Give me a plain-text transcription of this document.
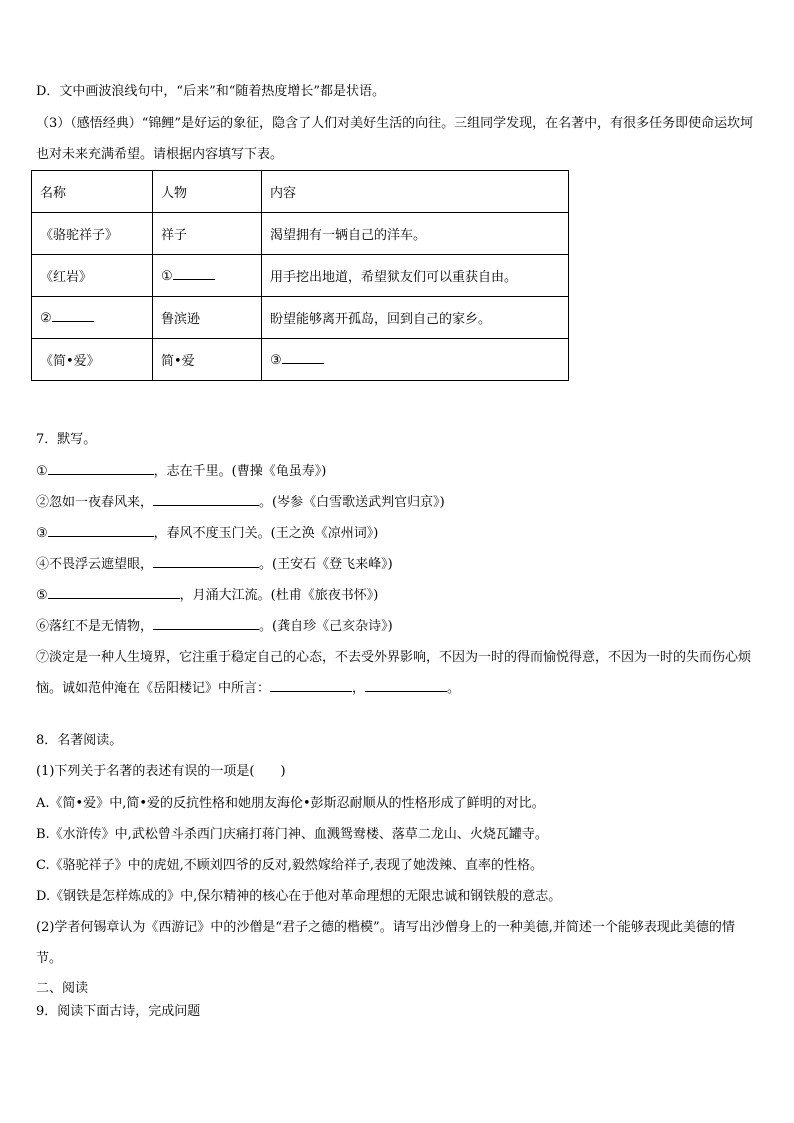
D．文中画波浪线句中，“后来”和“随着热度增长”都是状语。
（3）（感悟经典）“锦鲤”是好运的象征，隐含了人们对美好生活的向往。三组同学发现，在名著中，有很多任务即使命运坎坷也对未来充满希望。请根据内容填写下表。
名称	人物	内容
《骆驼祥子》	祥子	渴望拥有一辆自己的洋车。
《红岩》	①	用手挖出地道，希望狱友们可以重获自由。
②	鲁滨逊	盼望能够离开孤岛，回到自己的家乡。
《简•爱》	简•爱	③
7．默写。
①	，志在千里。(曹操《龟虽寿》)
②忽如一夜春风来，	。(岑参《白雪歌送武判官归京》)
③	，春风不度玉门关。(王之涣《凉州词》)
④不畏浮云遮望眼，	。(王安石《登飞来峰》)
⑤	，月涌大江流。(杜甫《旅夜书怀》)
⑥落红不是无情物，	。(龚自珍《己亥杂诗》)
⑦淡定是一种人生境界，它注重于稳定自己的心态，不去受外界影响，不因为一时的得而愉悦得意，不因为一时的失而伤心烦恼。诚如范仲淹在《岳阳楼记》中所言：	，	。
8．名著阅读。
(1)下列关于名著的表述有误的一项是(　　)
A.《简•爱》中,简•爱的反抗性格和她朋友海伦•彭斯忍耐顺从的性格形成了鲜明的对比。
B.《水浒传》中,武松曾斗杀西门庆痛打蒋门神、血溅鸳鸯楼、落草二龙山、火烧瓦罐寺。
C.《骆驼祥子》中的虎妞,不顾刘四爷的反对,毅然嫁给祥子,表现了她泼辣、直率的性格。
D.《钢铁是怎样炼成的》中,保尔精神的核心在于他对革命理想的无限忠诚和钢铁般的意志。
(2)学者何锡章认为《西游记》中的沙僧是“君子之德的楷模”。请写出沙僧身上的一种美德,并简述一个能够表现此美德的情节。
二、阅读
9．阅读下面古诗，完成问题
